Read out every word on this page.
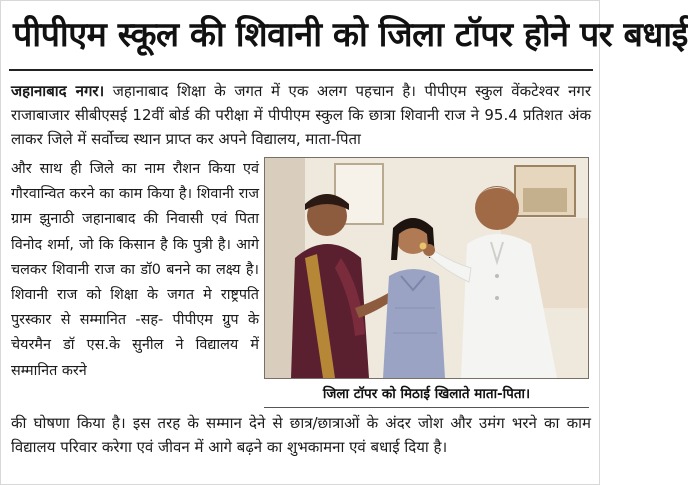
पीपीएम स्कूल की शिवानी को जिला टॉपर होने पर बधाई

जहानाबाद नगर। जहानाबाद शिक्षा के जगत में एक अलग पहचान है। पीपीएम स्कुल वेंकटेश्वर नगर राजाबाजार सीबीएसई 12वीं बोर्ड की परीक्षा में पीपीएम स्कुल कि छात्रा शिवानी राज ने 95.4 प्रतिशत अंक लाकर जिले में सर्वोच्च स्थान प्राप्त कर अपने विद्यालय, माता-पिता

और साथ ही जिले का नाम रौशन किया एवं गौरवान्वित करने का काम किया है। शिवानी राज ग्राम झुनाठी जहानाबाद की निवासी एवं पिता विनोद शर्मा, जो कि किसान है कि पुत्री है। आगे चलकर शिवानी राज का डॉ0 बनने का लक्ष्य है। शिवानी राज को शिक्षा के जगत मे राष्ट्रपति पुरस्कार से सम्मानित -सह- पीपीएम ग्रुप के चेयरमैन डॉ एस.के सुनील ने विद्यालय में सम्मानित करने

जिला टॉपर को मिठाई खिलाते माता-पिता।

की घोषणा किया है। इस तरह के सम्मान देने से छात्र/छात्राओं के अंदर जोश और उमंग भरने का काम विद्यालय परिवार करेगा एवं जीवन में आगे बढ़ने का शुभकामना एवं बधाई दिया है।
